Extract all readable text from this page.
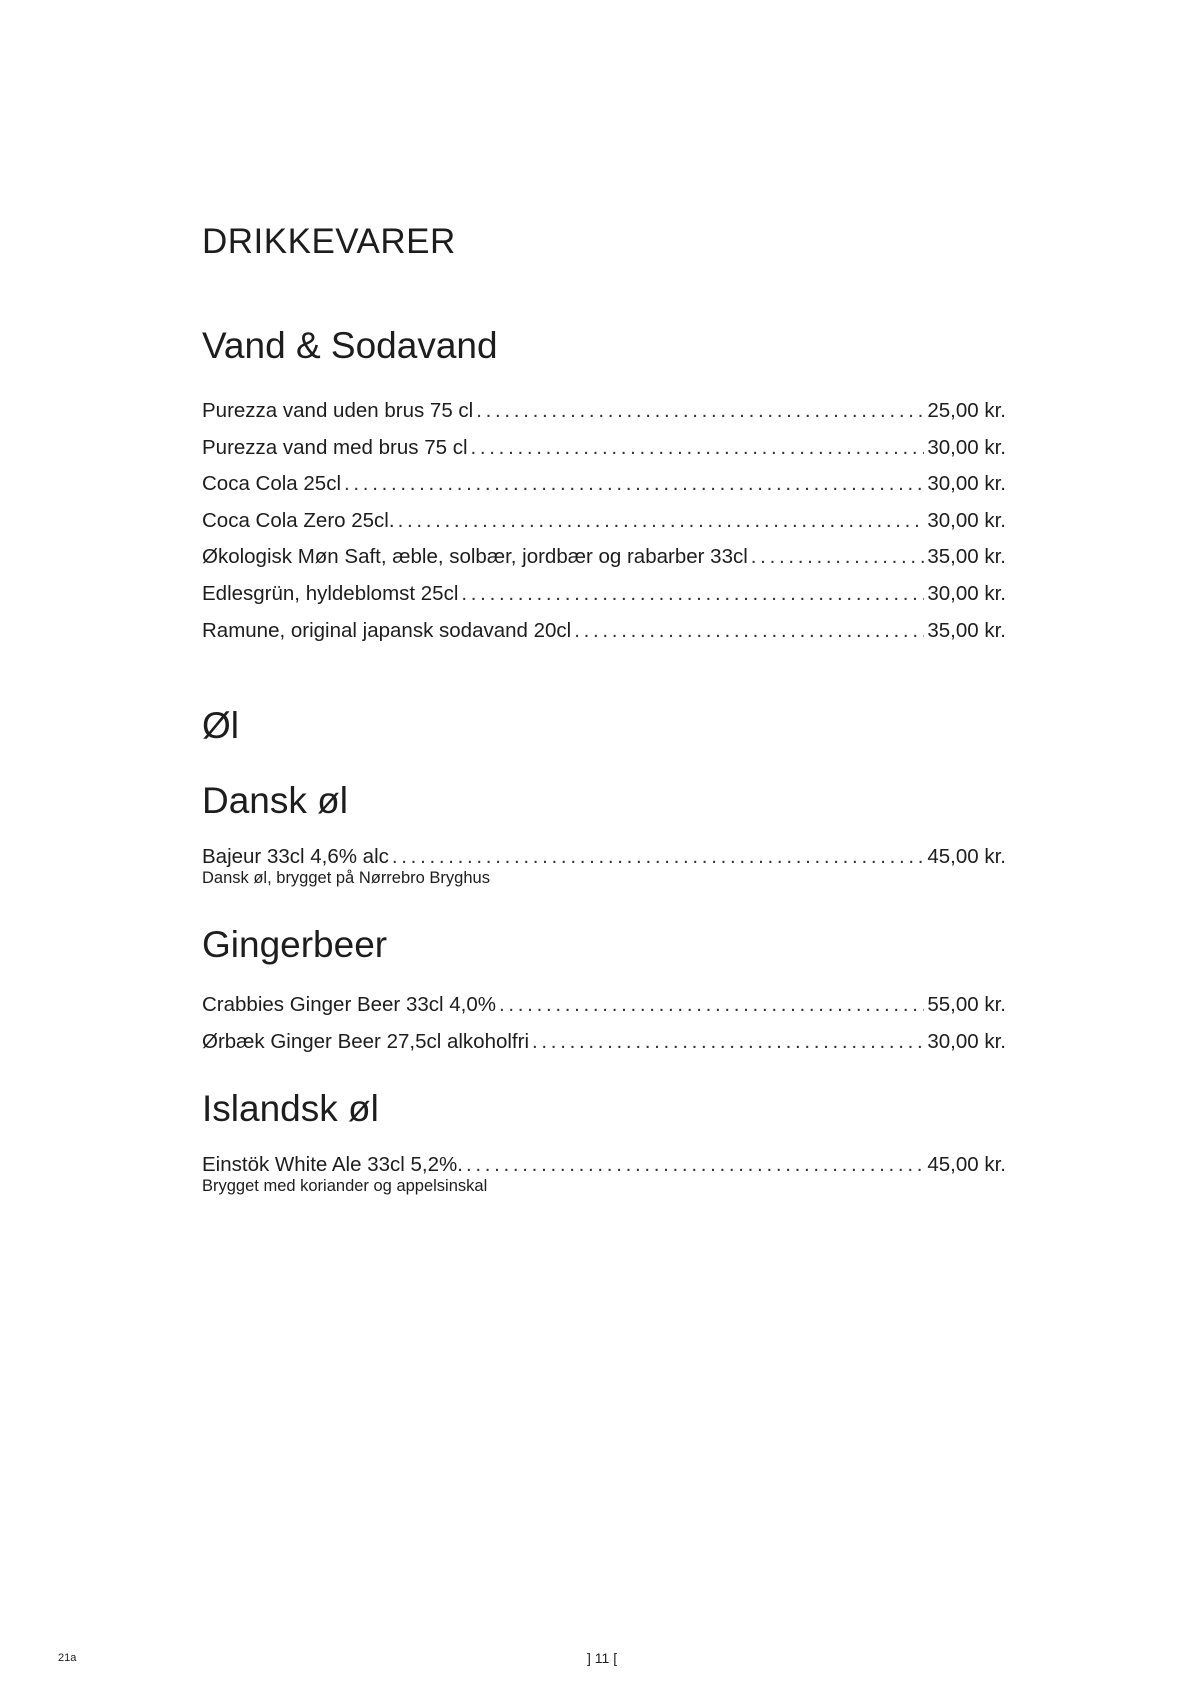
DRIKKEVARER
Vand & Sodavand
Purezza vand uden brus 75 cl . . .	25,00 kr.
Purezza vand med brus 75 cl . . .	30,00 kr.
Coca Cola 25cl . . .	30,00 kr.
Coca Cola Zero 25cl. . . .	30,00 kr.
Økologisk Møn Saft, æble, solbær, jordbær og rabarber 33cl . . .	35,00 kr.
Edlesgrün, hyldeblomst 25cl . . .	30,00 kr.
Ramune, original japansk sodavand 20cl . . .	35,00 kr.
Øl
Dansk øl
Bajeur 33cl 4,6% alc . . .	45,00 kr.
Dansk øl, brygget på Nørrebro Bryghus
Gingerbeer
Crabbies Ginger Beer 33cl 4,0% . . .	55,00 kr.
Ørbæk Ginger Beer 27,5cl alkoholfri . . .	30,00 kr.
Islandsk øl
Einstök White Ale 33cl 5,2%. . . .	45,00 kr.
Brygget med koriander og appelsinskal
21a	] 11 [
